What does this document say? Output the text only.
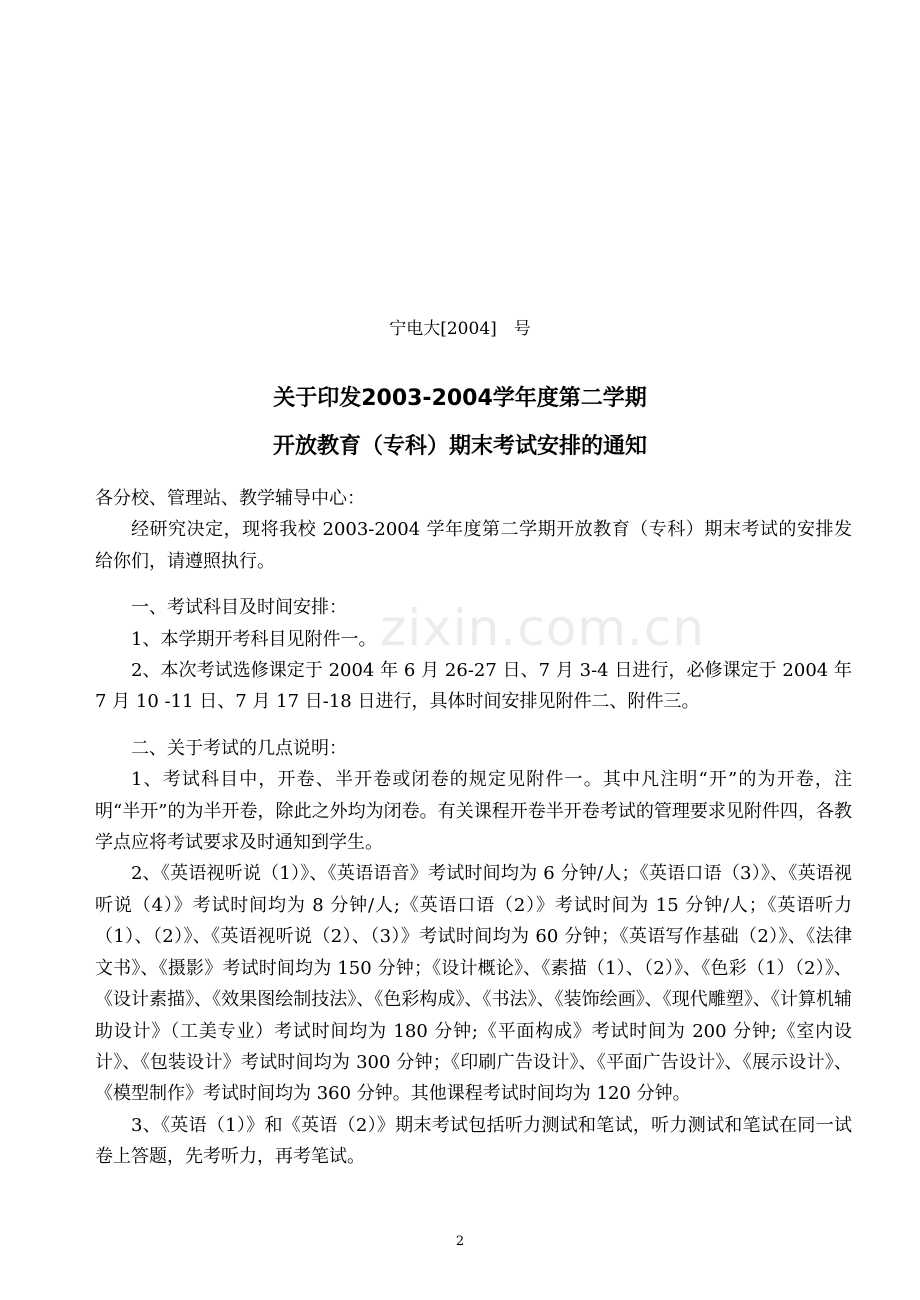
宁电大[2004]　号
关于印发2003-2004学年度第二学期
开放教育（专科）期末考试安排的通知

各分校、管理站、教学辅导中心：

经研究决定，现将我校 2003-2004 学年度第二学期开放教育（专科）期末考试的安排发给你们，请遵照执行。

一、考试科目及时间安排：

1、本学期开考科目见附件一。

2、本次考试选修课定于 2004 年 6 月 26-27 日、7 月 3-4 日进行，必修课定于 2004 年 7 月 10 -11 日、7 月 17 日-18 日进行，具体时间安排见附件二、附件三。

二、关于考试的几点说明：

1、考试科目中，开卷、半开卷或闭卷的规定见附件一。其中凡注明“开”的为开卷，注明“半开”的为半开卷，除此之外均为闭卷。有关课程开卷半开卷考试的管理要求见附件四，各教学点应将考试要求及时通知到学生。

2、《英语视听说（1）》、《英语语音》考试时间均为 6 分钟/人；《英语口语（3）》、《英语视听说（4）》考试时间均为 8 分钟/人;《英语口语（2）》考试时间为 15 分钟/人；《英语听力（1）、（2）》、《英语视听说（2）、（3）》考试时间均为 60 分钟；《英语写作基础（2）》、《法律文书》、《摄影》考试时间均为 150 分钟；《设计概论》、《素描（1）、（2）》、《色彩（1）（2）》、《设计素描》、《效果图绘制技法》、《色彩构成》、《书法》、《装饰绘画》、《现代雕塑》、《计算机辅助设计》（工美专业）考试时间均为 180 分钟;《平面构成》考试时间为 200 分钟;《室内设计》、《包装设计》考试时间均为 300 分钟；《印刷广告设计》、《平面广告设计》、《展示设计》、《模型制作》考试时间均为 360 分钟。其他课程考试时间均为 120 分钟。

3、《英语（1）》和《英语（2）》期末考试包括听力测试和笔试，听力测试和笔试在同一试卷上答题，先考听力，再考笔试。

zixin.com.cn
2
